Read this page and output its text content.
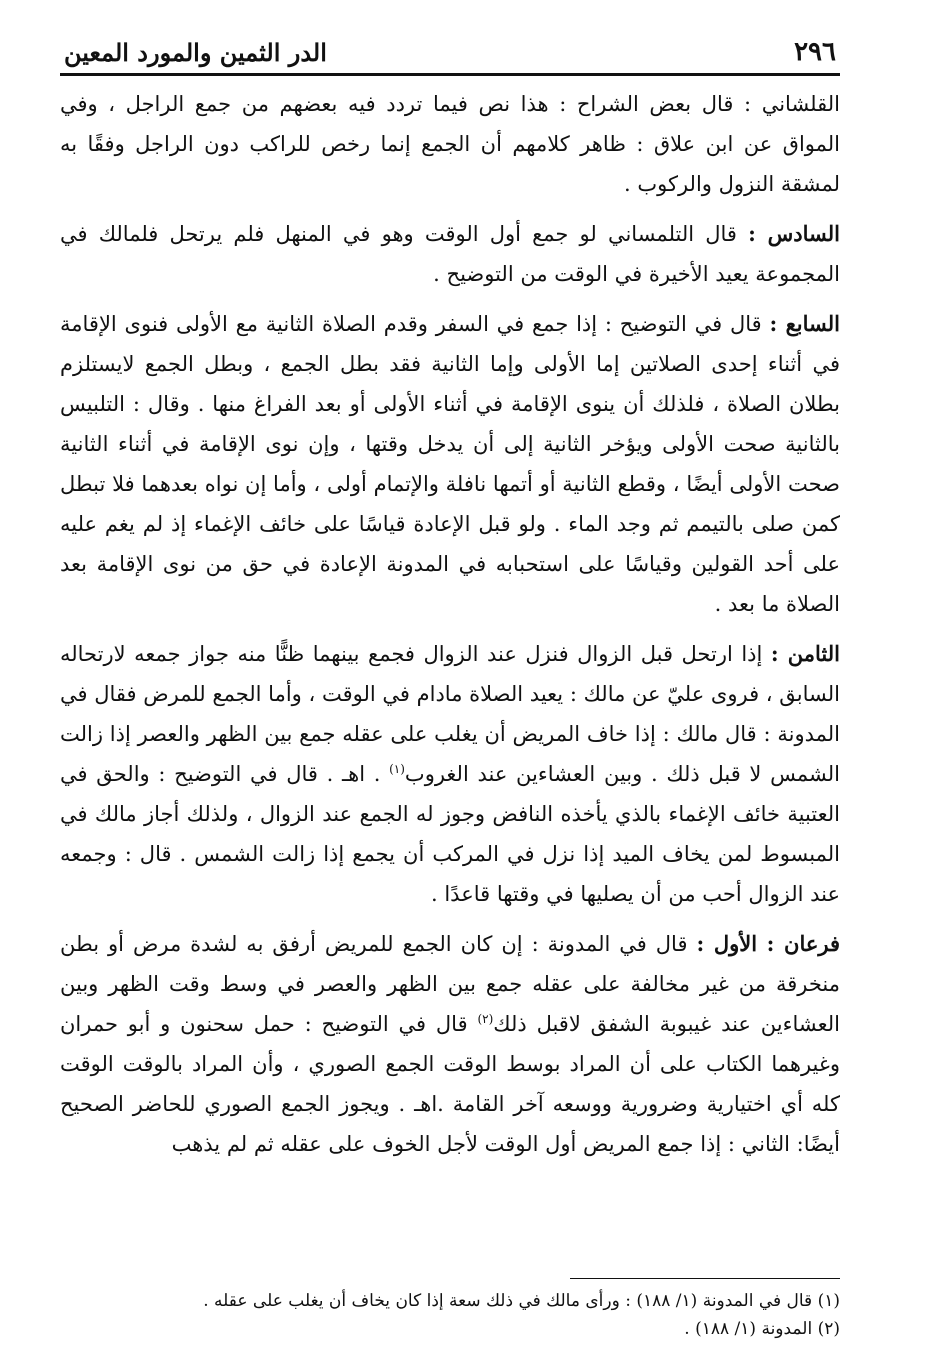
٢٩٦
الدر الثمين والمورد المعين

القلشاني : قال بعض الشراح : هذا نص فيما تردد فيه بعضهم من جمع الراجل ، وفي المواق عن ابن علاق : ظاهر كلامهم أن الجمع إنما رخص للراكب دون الراجل وفقًا به لمشقة النزول والركوب .

السادس : قال التلمساني لو جمع أول الوقت وهو في المنهل فلم يرتحل فلمالك في المجموعة يعيد الأخيرة في الوقت من التوضيح .

السابع : قال في التوضيح : إذا جمع في السفر وقدم الصلاة الثانية مع الأولى فنوى الإقامة في أثناء إحدى الصلاتين إما الأولى وإما الثانية فقد بطل الجمع ، وبطل الجمع لايستلزم بطلان الصلاة ، فلذلك أن ينوى الإقامة في أثناء الأولى أو بعد الفراغ منها . وقال : التلبيس بالثانية صحت الأولى ويؤخر الثانية إلى أن يدخل وقتها ، وإن نوى الإقامة في أثناء الثانية صحت الأولى أيضًا ، وقطع الثانية أو أتمها نافلة والإتمام أولى ، وأما إن نواه بعدهما فلا تبطل كمن صلى بالتيمم ثم وجد الماء . ولو قبل الإعادة قياسًا على خائف الإغماء إذ لم يغم عليه على أحد القولين وقياسًا على استحبابه في المدونة الإعادة في حق من نوى الإقامة بعد الصلاة ما بعد .

الثامن : إذا ارتحل قبل الزوال فنزل عند الزوال فجمع بينهما ظنًّا منه جواز جمعه لارتحاله السابق ، فروى عليّ عن مالك : يعيد الصلاة مادام في الوقت ، وأما الجمع للمرض فقال في المدونة : قال مالك : إذا خاف المريض أن يغلب على عقله جمع بين الظهر والعصر إذا زالت الشمس لا قبل ذلك . وبين العشاءين عند الغروب$^{(١)}$ . اهـ . قال في التوضيح : والحق في العتبية خائف الإغماء بالذي يأخذه النافض وجوز له الجمع عند الزوال ، ولذلك أجاز مالك في المبسوط لمن يخاف الميد إذا نزل في المركب أن يجمع إذا زالت الشمس . قال : وجمعه عند الزوال أحب من أن يصليها في وقتها قاعدًا .

فرعان : الأول : قال في المدونة : إن كان الجمع للمريض أرفق به لشدة مرض أو بطن منخرقة من غير مخالفة على عقله جمع بين الظهر والعصر في وسط وقت الظهر وبين العشاءين عند غيبوبة الشفق لاقبل ذلك$^{(٢)}$ قال في التوضيح : حمل سحنون و أبو حمران وغيرهما الكتاب على أن المراد بوسط الوقت الجمع الصوري ، وأن المراد بالوقت الوقت كله أي اختيارية وضرورية ووسعه آخر القامة .اهـ . ويجوز الجمع الصوري للحاضر الصحيح أيضًا: الثاني : إذا جمع المريض أول الوقت لأجل الخوف على عقله ثم لم يذهب

(١) قال في المدونة (١/ ١٨٨) : ورأى مالك في ذلك سعة إذا كان يخاف أن يغلب على عقله .

(٢) المدونة (١/ ١٨٨) .
